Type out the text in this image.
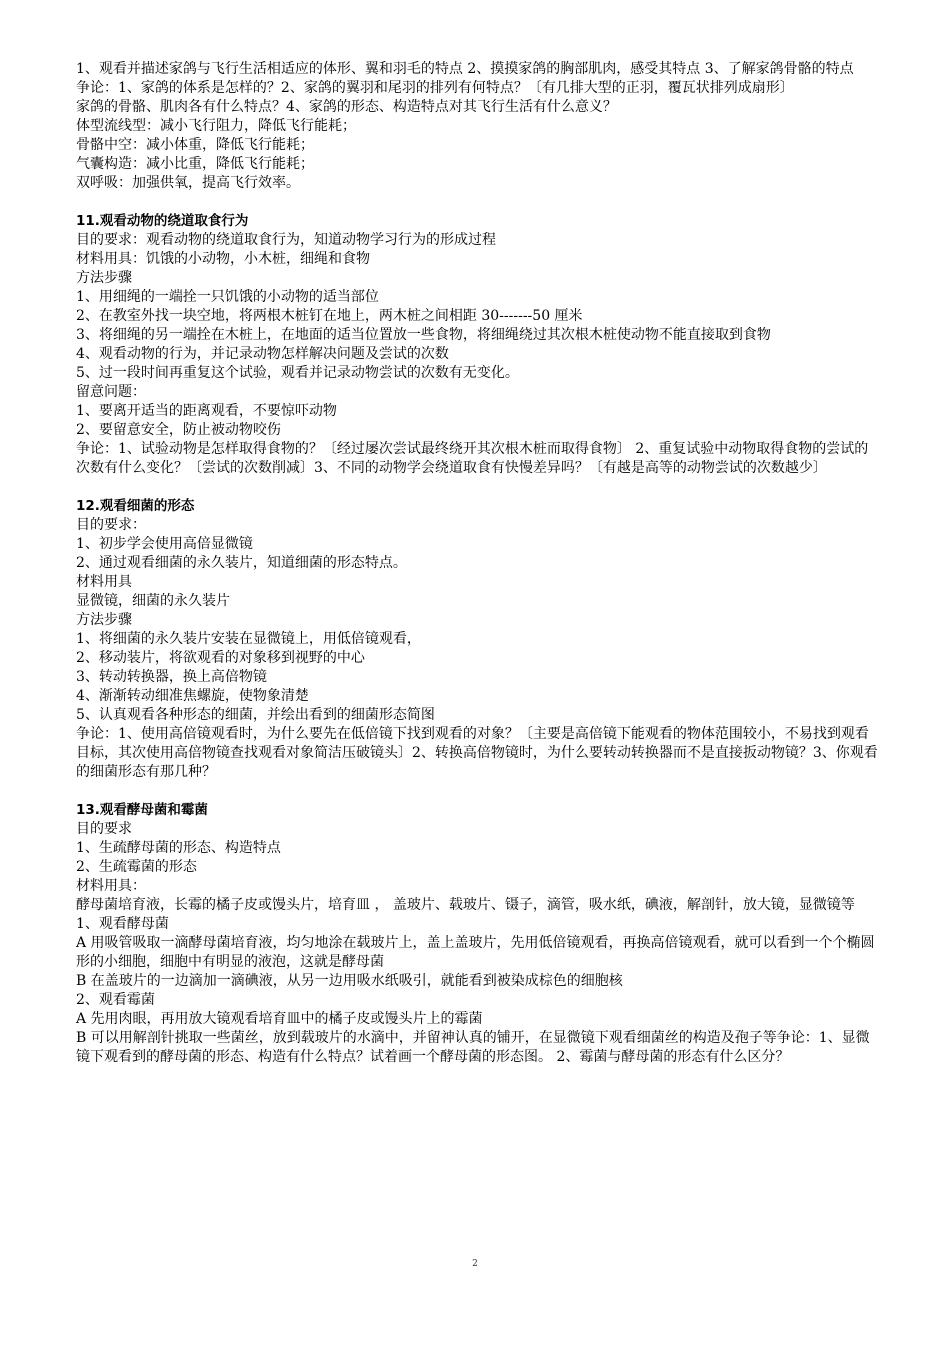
1、观看并描述家鸽与飞行生活相适应的体形、翼和羽毛的特点 2、摸摸家鸽的胸部肌肉，感受其特点 3、了解家鸽骨骼的特点

争论：1、家鸽的体系是怎样的？2、家鸽的翼羽和尾羽的排列有何特点？〔有几排大型的正羽，覆瓦状排列成扇形〕

家鸽的骨骼、肌肉各有什么特点？4、家鸽的形态、构造特点对其飞行生活有什么意义？

体型流线型：减小飞行阻力，降低飞行能耗；

骨骼中空：减小体重，降低飞行能耗；

气囊构造：减小比重，降低飞行能耗；

双呼吸：加强供氧，提高飞行效率。

11.观看动物的绕道取食行为

目的要求：观看动物的绕道取食行为，知道动物学习行为的形成过程

材料用具：饥饿的小动物，小木桩，细绳和食物

方法步骤

1、用细绳的一端拴一只饥饿的小动物的适当部位

2、在教室外找一块空地，将两根木桩钉在地上，两木桩之间相距 30-------50 厘米

3、将细绳的另一端拴在木桩上，在地面的适当位置放一些食物，将细绳绕过其次根木桩使动物不能直接取到食物

4、观看动物的行为，并记录动物怎样解决问题及尝试的次数

5、过一段时间再重复这个试验，观看并记录动物尝试的次数有无变化。

留意问题：

1、要离开适当的距离观看，不要惊吓动物

2、要留意安全，防止被动物咬伤

争论：1、试验动物是怎样取得食物的？〔经过屡次尝试最终绕开其次根木桩而取得食物〕 2、重复试验中动物取得食物的尝试的次数有什么变化？〔尝试的次数削减〕3、不同的动物学会绕道取食有快慢差异吗？〔有越是高等的动物尝试的次数越少〕

12.观看细菌的形态

目的要求：

1、初步学会使用高倍显微镜

2、通过观看细菌的永久装片，知道细菌的形态特点。

材料用具

显微镜，细菌的永久装片

方法步骤

1、将细菌的永久装片安装在显微镜上，用低倍镜观看，

2、移动装片，将欲观看的对象移到视野的中心

3、转动转换器，换上高倍物镜

4、渐渐转动细准焦螺旋，使物象清楚

5、认真观看各种形态的细菌，并绘出看到的细菌形态简图

争论：1、使用高倍镜观看时，为什么要先在低倍镜下找到观看的对象？〔主要是高倍镜下能观看的物体范围较小，不易找到观看目标，其次使用高倍物镜查找观看对象简洁压破镜头〕2、转换高倍物镜时，为什么要转动转换器而不是直接扳动物镜？3、你观看的细菌形态有那几种？

13.观看酵母菌和霉菌

目的要求

1、生疏酵母菌的形态、构造特点

2、生疏霉菌的形态

材料用具：

酵母菌培育液，长霉的橘子皮或馒头片，培育皿 ， 盖玻片、载玻片、镊子，滴管，吸水纸，碘液，解剖针，放大镜，显微镜等

1、观看酵母菌

A 用吸管吸取一滴酵母菌培育液，均匀地涂在载玻片上，盖上盖玻片，先用低倍镜观看，再换高倍镜观看，就可以看到一个个椭圆形的小细胞，细胞中有明显的液泡，这就是酵母菌

B 在盖玻片的一边滴加一滴碘液，从另一边用吸水纸吸引，就能看到被染成棕色的细胞核

2、观看霉菌

A 先用肉眼，再用放大镜观看培育皿中的橘子皮或馒头片上的霉菌

B 可以用解剖针挑取一些菌丝，放到载玻片的水滴中，并留神认真的铺开，在显微镜下观看细菌丝的构造及孢子等争论：1、显微镜下观看到的酵母菌的形态、构造有什么特点？试着画一个酵母菌的形态图。 2、霉菌与酵母菌的形态有什么区分？

2
